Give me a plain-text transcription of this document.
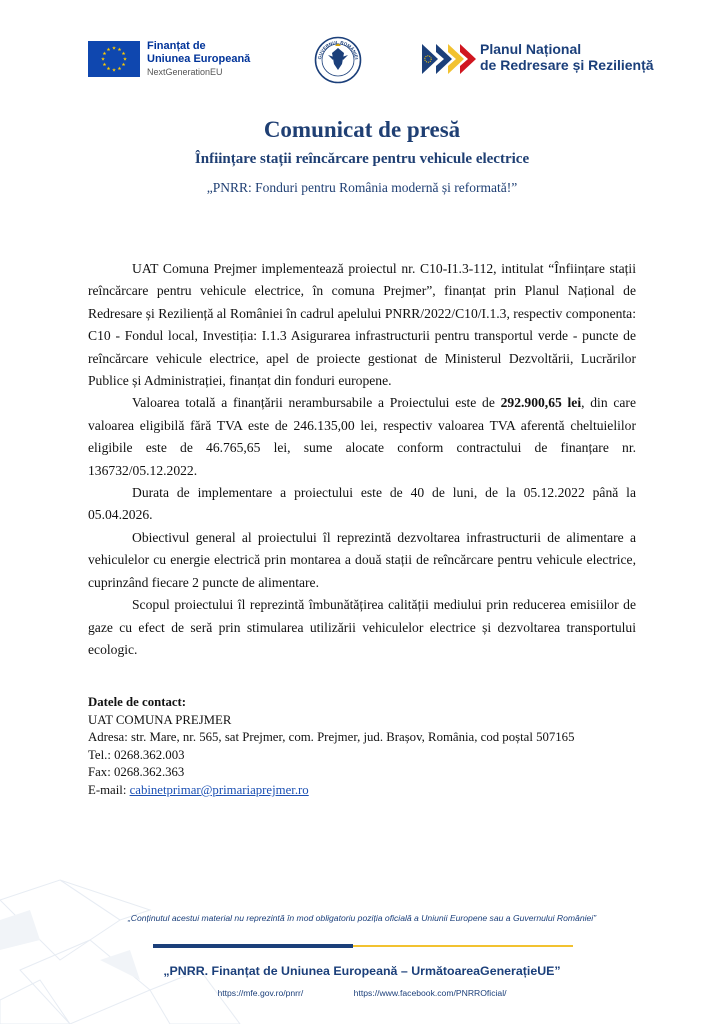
Finanțat de
Uniunea Europeană
NextGenerationEU
GUVERNUL ROMÂNIEI
Planul Național
de Redresare și Reziliență
Comunicat de presă
Înființare stații reîncărcare pentru vehicule electrice
„PNRR: Fonduri pentru România modernă și reformată!”

UAT Comuna Prejmer implementează proiectul nr. C10-I1.3-112, intitulat “Înființare stații reîncărcare pentru vehicule electrice, în comuna Prejmer”, finanțat prin Planul Național de Redresare și Reziliență al României în cadrul apelului PNRR/2022/C10/I.1.3, respectiv componenta: C10 - Fondul local, Investiția: I.1.3 Asigurarea infrastructurii pentru transportul verde - puncte de reîncărcare vehicule electrice, apel de proiecte gestionat de Ministerul Dezvoltării, Lucrărilor Publice și Administrației, finanțat din fonduri europene.

Valoarea totală a finanțării nerambursabile a Proiectului este de 292.900,65 lei, din care valoarea eligibilă fără TVA este de 246.135,00 lei, respectiv valoarea TVA aferentă cheltuielilor eligibile este de 46.765,65 lei, sume alocate conform contractului de finanțare nr. 136732/05.12.2022.

Durata de implementare a proiectului este de 40 de luni, de la 05.12.2022 până la 05.04.2026.

Obiectivul general al proiectului îl reprezintă dezvoltarea infrastructurii de alimentare a vehiculelor cu energie electrică prin montarea a două stații de reîncărcare pentru vehicule electrice, cuprinzând fiecare 2 puncte de alimentare.

Scopul proiectului îl reprezintă îmbunătățirea calității mediului prin reducerea emisiilor de gaze cu efect de seră prin stimularea utilizării vehiculelor electrice și dezvoltarea transportului ecologic.

Datele de contact:
UAT COMUNA PREJMER
Adresa: str. Mare, nr. 565, sat Prejmer, com. Prejmer, jud. Brașov, România, cod poștal 507165
Tel.: 0268.362.003
Fax: 0268.362.363
E-mail: cabinetprimar@primariaprejmer.ro
„Conținutul acestui material nu reprezintă în mod obligatoriu poziția oficială a Uniunii Europene sau a Guvernului României”
„PNRR. Finanțat de Uniunea Europeană – UrmătoareaGenerațieUE”
https://mfe.gov.ro/pnrr/	https://www.facebook.com/PNRROficial/
